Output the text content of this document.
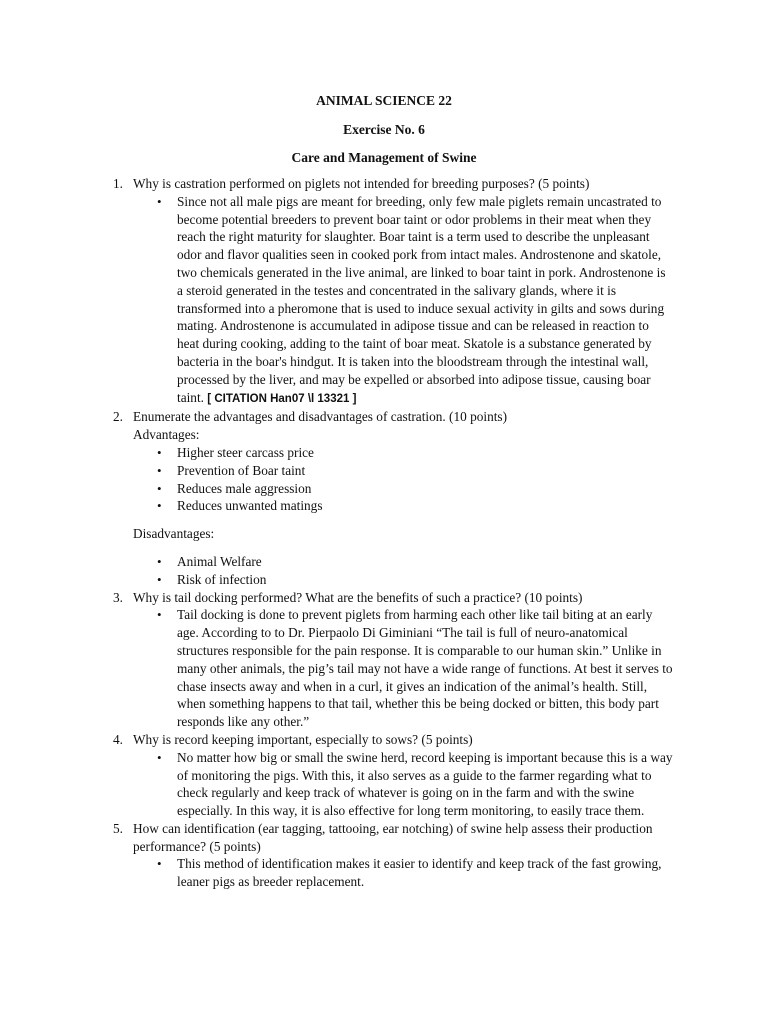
ANIMAL SCIENCE 22
Exercise No. 6
Care and Management of Swine
1. Why is castration performed on piglets not intended for breeding purposes? (5 points)
• Since not all male pigs are meant for breeding, only few male piglets remain uncastrated to become potential breeders to prevent boar taint or odor problems in their meat when they reach the right maturity for slaughter. Boar taint is a term used to describe the unpleasant odor and flavor qualities seen in cooked pork from intact males. Androstenone and skatole, two chemicals generated in the live animal, are linked to boar taint in pork. Androstenone is a steroid generated in the testes and concentrated in the salivary glands, where it is transformed into a pheromone that is used to induce sexual activity in gilts and sows during mating. Androstenone is accumulated in adipose tissue and can be released in reaction to heat during cooking, adding to the taint of boar meat. Skatole is a substance generated by bacteria in the boar's hindgut. It is taken into the bloodstream through the intestinal wall, processed by the liver, and may be expelled or absorbed into adipose tissue, causing boar taint. [ CITATION Han07 \l 13321 ]
2. Enumerate the advantages and disadvantages of castration. (10 points)
Advantages:
• Higher steer carcass price
• Prevention of Boar taint
• Reduces male aggression
• Reduces unwanted matings
Disadvantages:
• Animal Welfare
• Risk of infection
3. Why is tail docking performed? What are the benefits of such a practice? (10 points)
• Tail docking is done to prevent piglets from harming each other like tail biting at an early age. According to to Dr. Pierpaolo Di Giminiani “The tail is full of neuro-anatomical structures responsible for the pain response. It is comparable to our human skin.” Unlike in many other animals, the pig’s tail may not have a wide range of functions. At best it serves to chase insects away and when in a curl, it gives an indication of the animal’s health. Still, when something happens to that tail, whether this be being docked or bitten, this body part responds like any other.”
4. Why is record keeping important, especially to sows? (5 points)
• No matter how big or small the swine herd, record keeping is important because this is a way of monitoring the pigs. With this, it also serves as a guide to the farmer regarding what to check regularly and keep track of whatever is going on in the farm and with the swine especially. In this way, it is also effective for long term monitoring, to easily trace them.
5. How can identification (ear tagging, tattooing, ear notching) of swine help assess their production performance? (5 points)
• This method of identification makes it easier to identify and keep track of the fast growing, leaner pigs as breeder replacement.
